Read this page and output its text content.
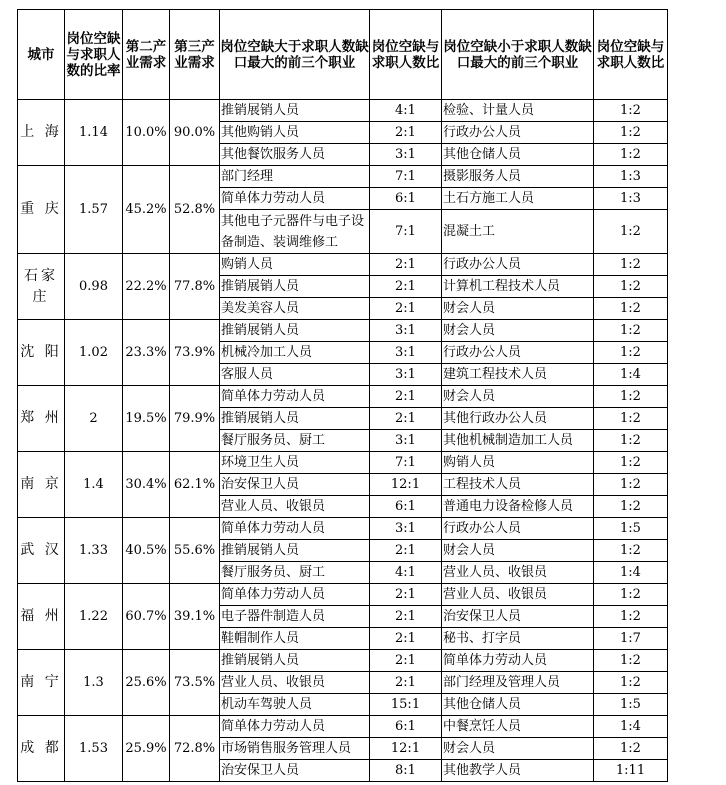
城市	岗位空缺与求职人数的比率	第二产业需求	第三产业需求	岗位空缺大于求职人数缺口最大的前三个职业	岗位空缺与求职人数比	岗位空缺小于求职人数缺口最大的前三个职业	岗位空缺与求职人数比
上 海	1.14	10.0%	90.0%	推销展销人员	4:1	检验、计量人员	1:2
				其他购销人员	2:1	行政办公人员	1:2
				其他餐饮服务人员	3:1	其他仓储人员	1:2
重 庆	1.57	45.2%	52.8%	部门经理	7:1	摄影服务人员	1:3
				简单体力劳动人员	6:1	土石方施工人员	1:3
				其他电子元器件与电子设备制造、装调维修工	7:1	混凝土工	1:2
石家庄	0.98	22.2%	77.8%	购销人员	2:1	行政办公人员	1:2
				推销展销人员	2:1	计算机工程技术人员	1:2
				美发美容人员	2:1	财会人员	1:2
沈 阳	1.02	23.3%	73.9%	推销展销人员	3:1	财会人员	1:2
				机械冷加工人员	3:1	行政办公人员	1:2
				客服人员	3:1	建筑工程技术人员	1:4
郑 州	2	19.5%	79.9%	简单体力劳动人员	2:1	财会人员	1:2
				推销展销人员	2:1	其他行政办公人员	1:2
				餐厅服务员、厨工	3:1	其他机械制造加工人员	1:2
南 京	1.4	30.4%	62.1%	环境卫生人员	7:1	购销人员	1:2
				治安保卫人员	12:1	工程技术人员	1:2
				营业人员、收银员	6:1	普通电力设备检修人员	1:2
武 汉	1.33	40.5%	55.6%	简单体力劳动人员	3:1	行政办公人员	1:5
				推销展销人员	2:1	财会人员	1:2
				餐厅服务员、厨工	4:1	营业人员、收银员	1:4
福 州	1.22	60.7%	39.1%	简单体力劳动人员	2:1	营业人员、收银员	1:2
				电子器件制造人员	2:1	治安保卫人员	1:2
				鞋帽制作人员	2:1	秘书、打字员	1:7
南 宁	1.3	25.6%	73.5%	推销展销人员	2:1	简单体力劳动人员	1:2
				营业人员、收银员	2:1	部门经理及管理人员	1:2
				机动车驾驶人员	15:1	其他仓储人员	1:5
成 都	1.53	25.9%	72.8%	简单体力劳动人员	6:1	中餐烹饪人员	1:4
				市场销售服务管理人员	12:1	财会人员	1:2
				治安保卫人员	8:1	其他教学人员	1:11
